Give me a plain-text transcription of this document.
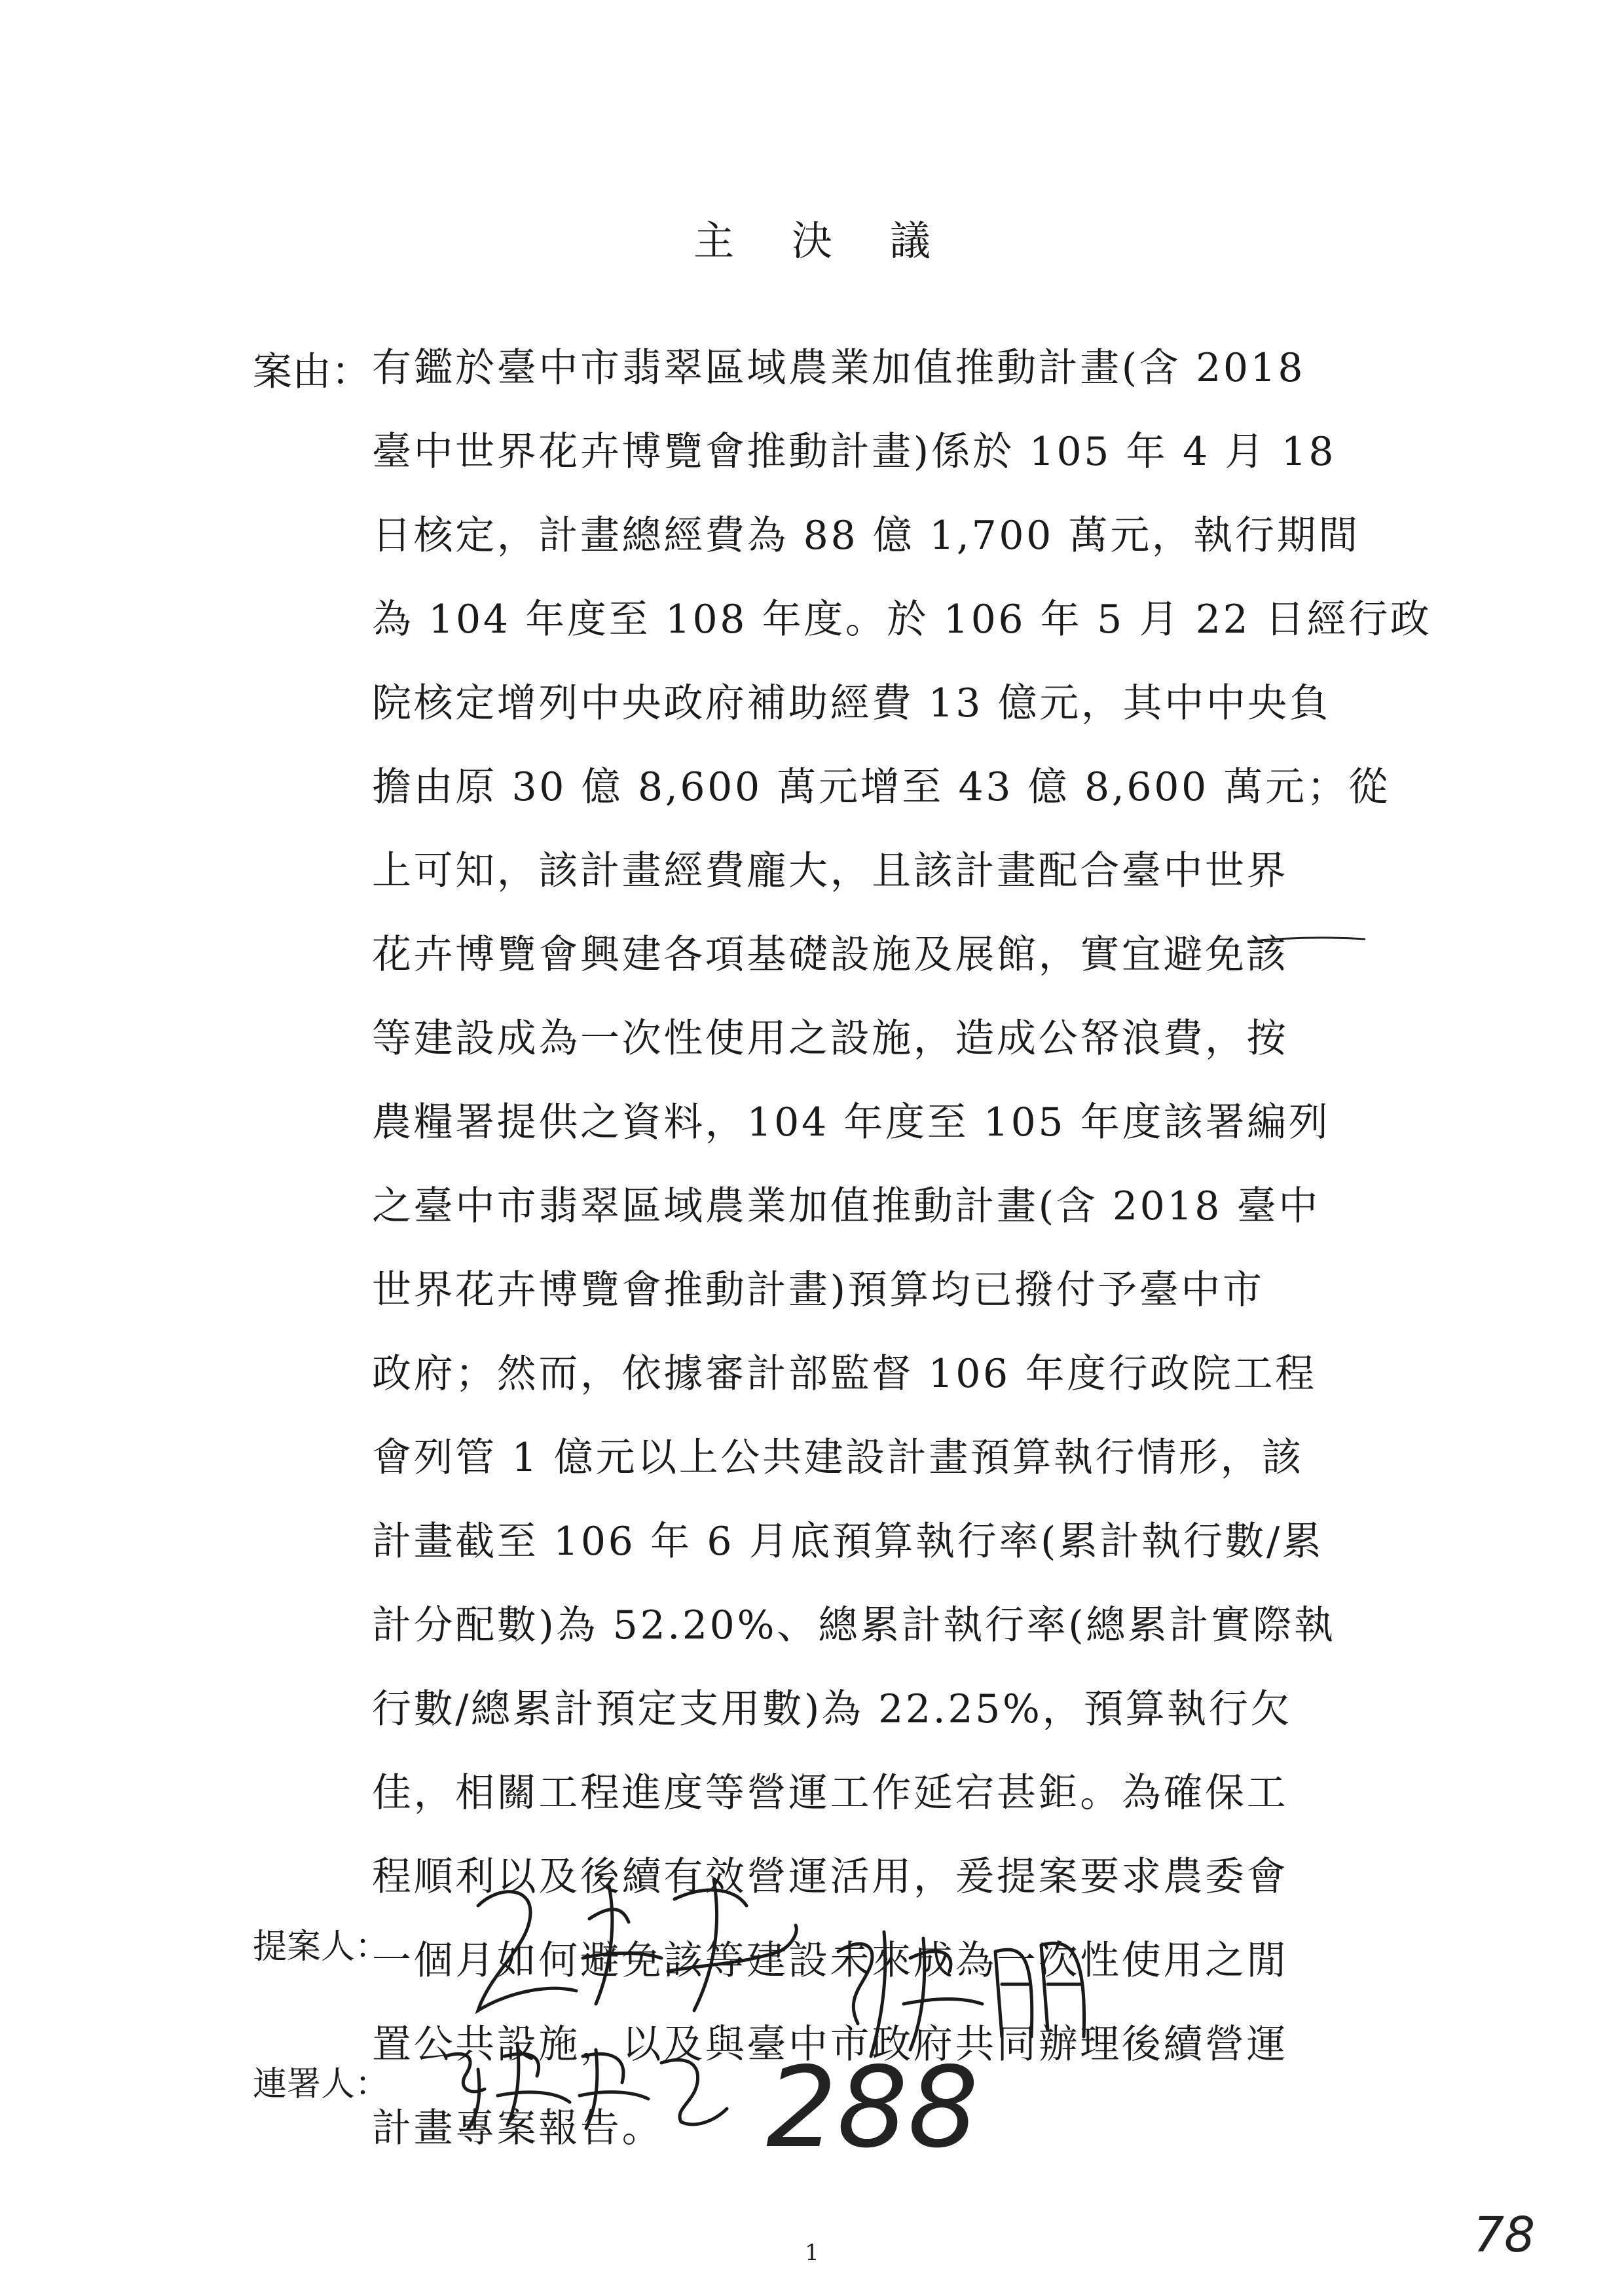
主 決 議
案由： 有鑑於臺中市翡翠區域農業加值推動計畫(含 2018
臺中世界花卉博覽會推動計畫)係於 105 年 4 月 18
日核定，計畫總經費為 88 億 1,700 萬元，執行期間
為 104 年度至 108 年度。於 106 年 5 月 22 日經行政
院核定增列中央政府補助經費 13 億元，其中中央負
擔由原 30 億 8,600 萬元增至 43 億 8,600 萬元；從
上可知，該計畫經費龐大，且該計畫配合臺中世界
花卉博覽會興建各項基礎設施及展館，實宜避免該
等建設成為一次性使用之設施，造成公帑浪費，按
農糧署提供之資料，104 年度至 105 年度該署編列
之臺中市翡翠區域農業加值推動計畫(含 2018 臺中
世界花卉博覽會推動計畫)預算均已撥付予臺中市
政府；然而，依據審計部監督 106 年度行政院工程
會列管 1 億元以上公共建設計畫預算執行情形，該
計畫截至 106 年 6 月底預算執行率(累計執行數/累
計分配數)為 52.20%、總累計執行率(總累計實際執
行數/總累計預定支用數)為 22.25%，預算執行欠
佳，相關工程進度等營運工作延宕甚鉅。為確保工
程順利以及後續有效營運活用，爰提案要求農委會
一個月如何避免該等建設未來成為一次性使用之閒
置公共設施，以及與臺中市政府共同辦理後續營運
計畫專案報告。
提案人：
連署人：	288
1	78
